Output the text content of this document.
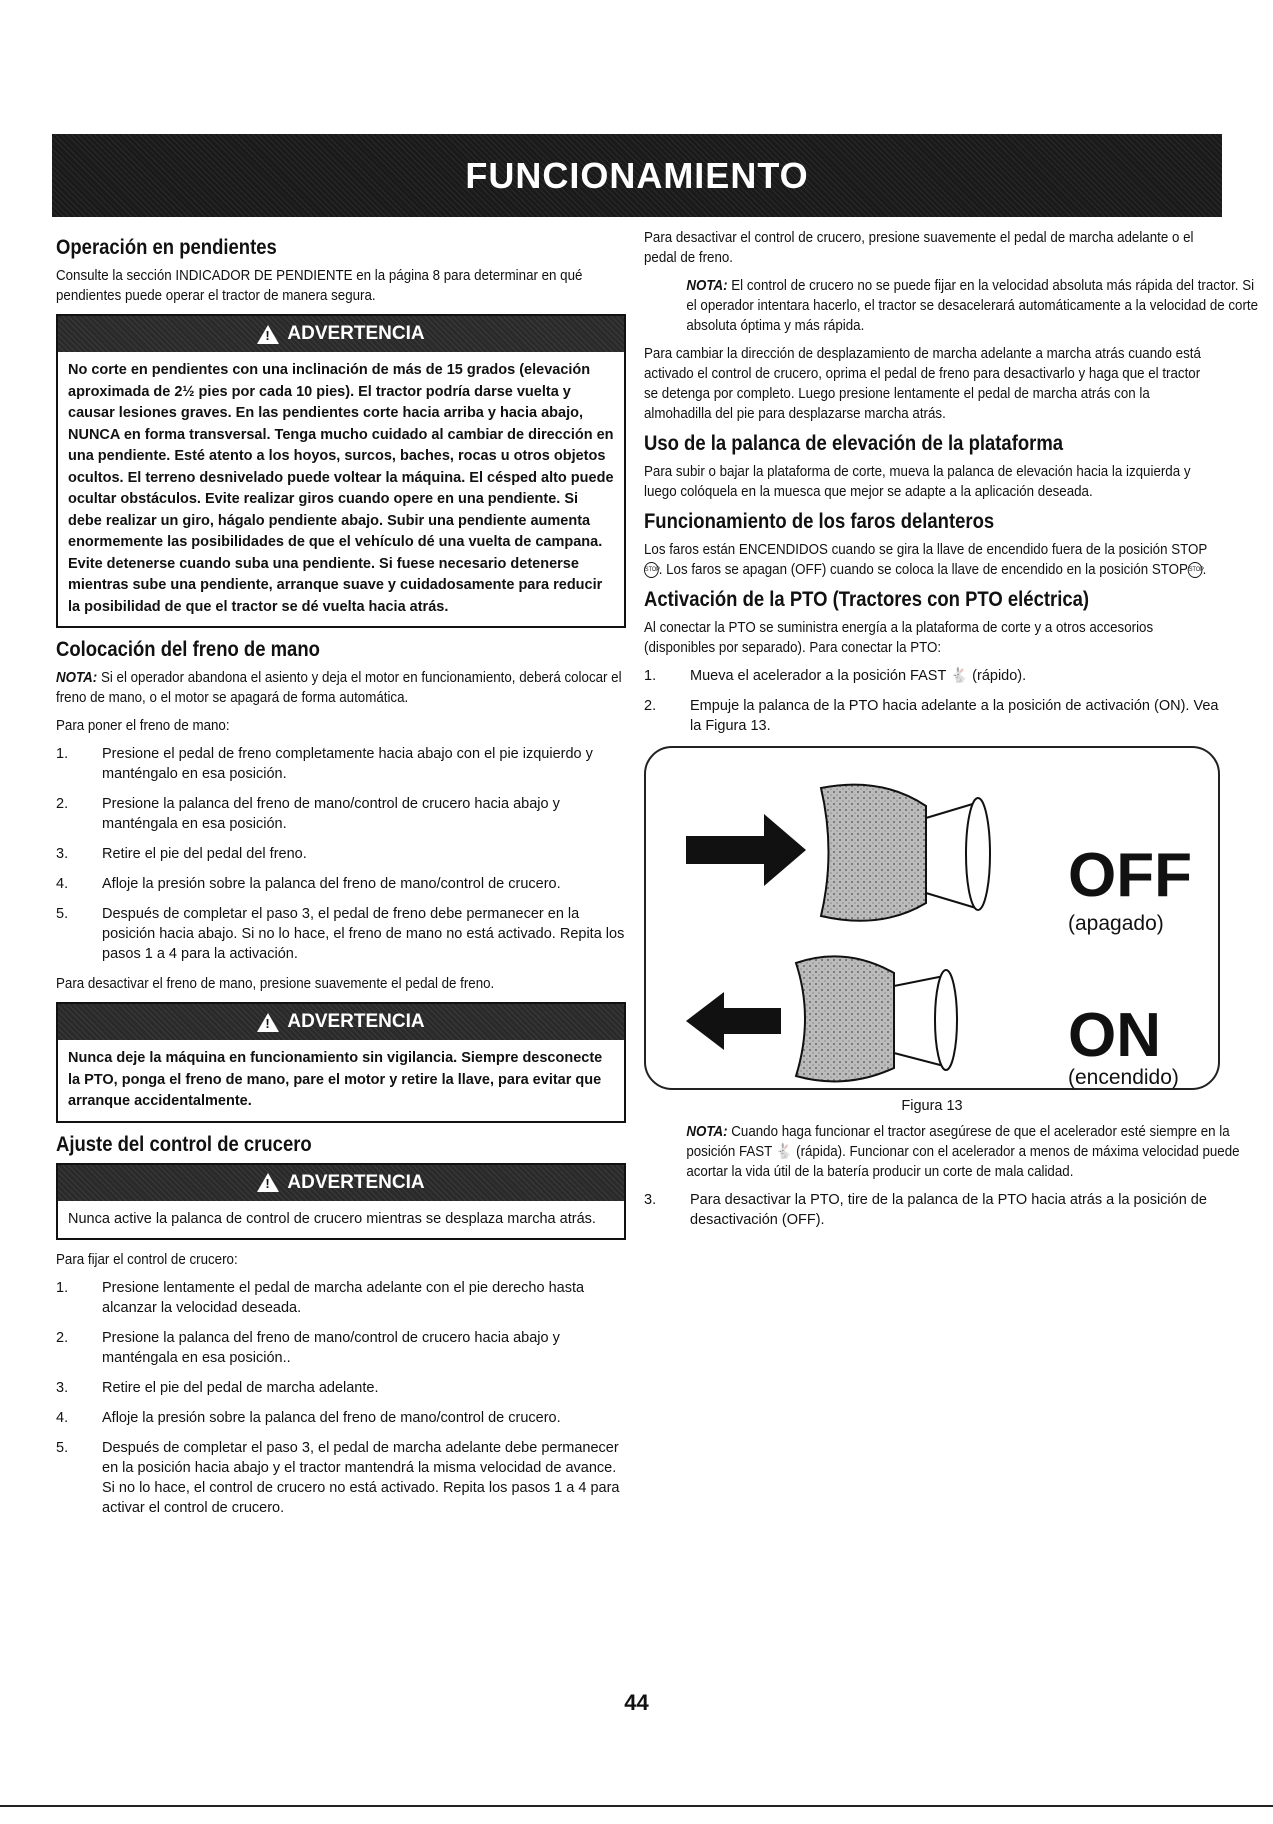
FUNCIONAMIENTO
Operación en pendientes

Consulte la sección INDICADOR DE PENDIENTE en la página 8 para determinar en qué pendientes puede operar el tractor de manera segura.

!
ADVERTENCIA
No corte en pendientes con una inclinación de más de 15 grados (elevación aproximada de 2½ pies por cada 10 pies). El tractor podría darse vuelta y causar lesiones graves. En las pendientes corte hacia arriba y hacia abajo, NUNCA en forma transversal. Tenga mucho cuidado al cambiar de dirección en una pendiente. Esté atento a los hoyos, surcos, baches, rocas u otros objetos ocultos. El terreno desnivelado puede voltear la máquina. El césped alto puede ocultar obstáculos. Evite realizar giros cuando opere en una pendiente. Si debe realizar un giro, hágalo pendiente abajo. Subir una pendiente aumenta enormemente las posibilidades de que el vehículo dé una vuelta de campana. Evite detenerse cuando suba una pendiente. Si fuese necesario detenerse mientras sube una pendiente, arranque suave y cuidadosamente para reducir la posibilidad de que el tractor se dé vuelta hacia atrás.
Colocación del freno de mano

NOTA: Si el operador abandona el asiento y deja el motor en funcionamiento, deberá colocar el freno de mano, o el motor se apagará de forma automática.

Para poner el freno de mano:

1. Presione el pedal de freno completamente hacia abajo con el pie izquierdo y manténgalo en esa posición.
2. Presione la palanca del freno de mano/control de crucero hacia abajo y manténgala en esa posición.
3. Retire el pie del pedal del freno.
4. Afloje la presión sobre la palanca del freno de mano/control de crucero.
5. Después de completar el paso 3, el pedal de freno debe permanecer en la posición hacia abajo. Si no lo hace, el freno de mano no está activado. Repita los pasos 1 a 4 para la activación.

Para desactivar el freno de mano, presione suavemente el pedal de freno.

!
ADVERTENCIA
Nunca deje la máquina en funcionamiento sin vigilancia. Siempre desconecte la PTO, ponga el freno de mano, pare el motor y retire la llave, para evitar que arranque accidentalmente.
Ajuste del control de crucero
!
ADVERTENCIA
Nunca active la palanca de control de crucero mientras se desplaza marcha atrás.

Para fijar el control de crucero:

1. Presione lentamente el pedal de marcha adelante con el pie derecho hasta alcanzar la velocidad deseada.
2. Presione la palanca del freno de mano/control de crucero hacia abajo y manténgala en esa posición..
3. Retire el pie del pedal de marcha adelante.
4. Afloje la presión sobre la palanca del freno de mano/control de crucero.
5. Después de completar el paso 3, el pedal de marcha adelante debe permanecer en la posición hacia abajo y el tractor mantendrá la misma velocidad de avance. Si no lo hace, el control de crucero no está activado. Repita los pasos 1 a 4 para activar el control de crucero.

Para desactivar el control de crucero, presione suavemente el pedal de marcha adelante o el pedal de freno.

NOTA: El control de crucero no se puede fijar en la velocidad absoluta más rápida del tractor. Si el operador intentara hacerlo, el tractor se desacelerará automáticamente a la velocidad de corte absoluta óptima y más rápida.

Para cambiar la dirección de desplazamiento de marcha adelante a marcha atrás cuando está activado el control de crucero, oprima el pedal de freno para desactivarlo y haga que el tractor se detenga por completo. Luego presione lentamente el pedal de marcha atrás con la almohadilla del pie para desplazarse marcha atrás.

Uso de la palanca de elevación de la plataforma

Para subir o bajar la plataforma de corte, mueva la palanca de elevación hacia la izquierda y luego colóquela en la muesca que mejor se adapte a la aplicación deseada.

Funcionamiento de los faros delanteros

Los faros están ENCENDIDOS cuando se gira la llave de encendido fuera de la posición STOPSTOP. Los faros se apagan (OFF) cuando se coloca la llave de encendido en la posición STOPSTOP.

Activación de la PTO (Tractores con PTO eléctrica)

Al conectar la PTO se suministra energía a la plataforma de corte y a otros accesorios (disponibles por separado). Para conectar la PTO:

1. Mueva el acelerador a la posición FAST 🐇 (rápido).
2. Empuje la palanca de la PTO hacia adelante a la posición de activación (ON). Vea la Figura 13.
OFF
(apagado)
ON
(encendido)
Figura 13

NOTA: Cuando haga funcionar el tractor asegúrese de que el acelerador esté siempre en la posición FAST 🐇 (rápida). Funcionar con el acelerador a menos de máxima velocidad puede acortar la vida útil de la batería producir un corte de mala calidad.

3. Para desactivar la PTO, tire de la palanca de la PTO hacia atrás a la posición de desactivación (OFF).
44
